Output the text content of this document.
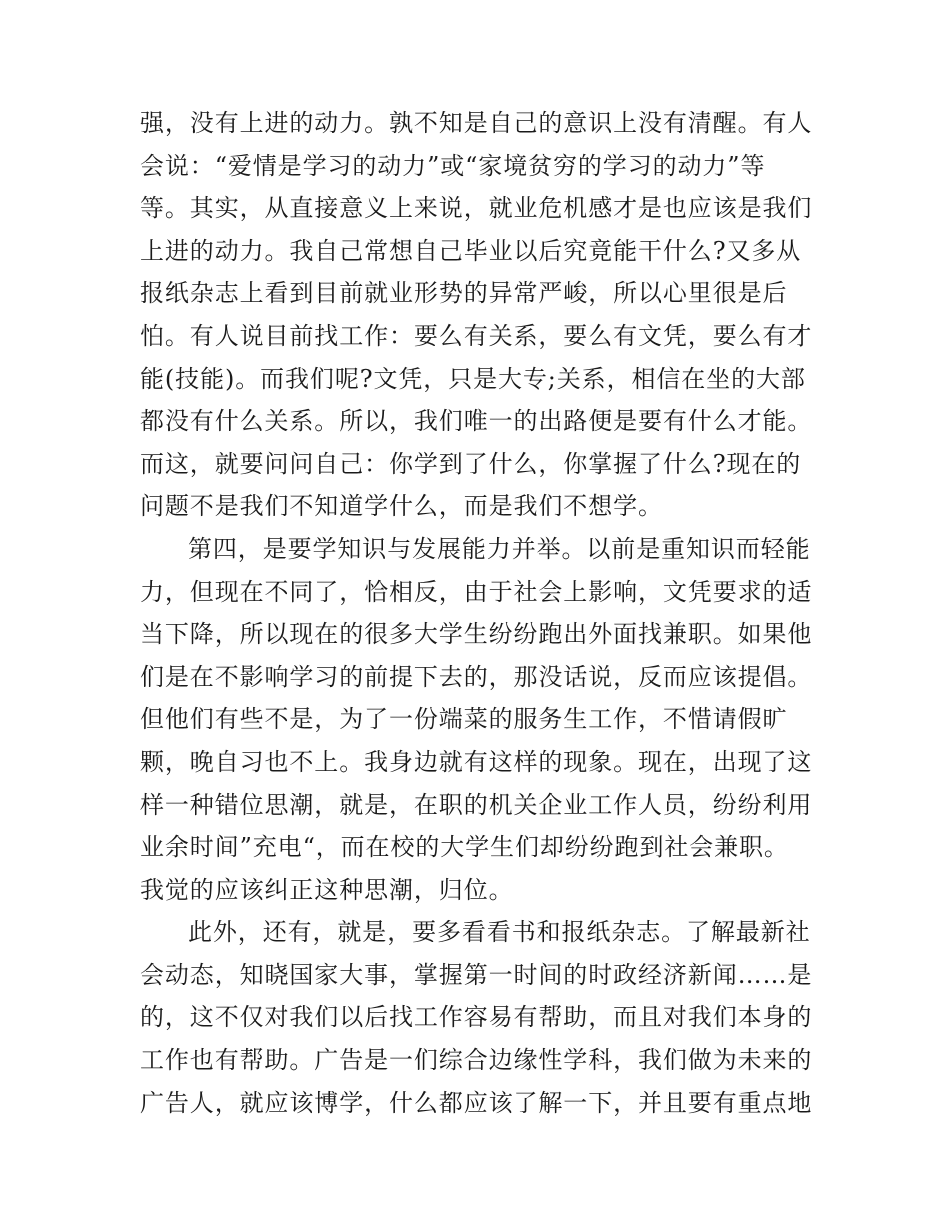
强，没有上进的动力。孰不知是自己的意识上没有清醒。有人
会说：“爱情是学习的动力”或“家境贫穷的学习的动力”等
等。其实，从直接意义上来说，就业危机感才是也应该是我们
上进的动力。我自己常想自己毕业以后究竟能干什么?又多从
报纸杂志上看到目前就业形势的异常严峻，所以心里很是后
怕。有人说目前找工作：要么有关系，要么有文凭，要么有才
能(技能)。而我们呢?文凭，只是大专;关系，相信在坐的大部
都没有什么关系。所以，我们唯一的出路便是要有什么才能。
而这，就要问问自己：你学到了什么，你掌握了什么?现在的
问题不是我们不知道学什么，而是我们不想学。
第四，是要学知识与发展能力并举。以前是重知识而轻能
力，但现在不同了，恰相反，由于社会上影响，文凭要求的适
当下降，所以现在的很多大学生纷纷跑出外面找兼职。如果他
们是在不影响学习的前提下去的，那没话说，反而应该提倡。
但他们有些不是，为了一份端菜的服务生工作，不惜请假旷
颗，晚自习也不上。我身边就有这样的现象。现在，出现了这
样一种错位思潮，就是，在职的机关企业工作人员，纷纷利用
业余时间”充电“，而在校的大学生们却纷纷跑到社会兼职。
我觉的应该纠正这种思潮，归位。
此外，还有，就是，要多看看书和报纸杂志。了解最新社
会动态，知晓国家大事，掌握第一时间的时政经济新闻……是
的，这不仅对我们以后找工作容易有帮助，而且对我们本身的
工作也有帮助。广告是一们综合边缘性学科，我们做为未来的
广告人，就应该博学，什么都应该了解一下，并且要有重点地
